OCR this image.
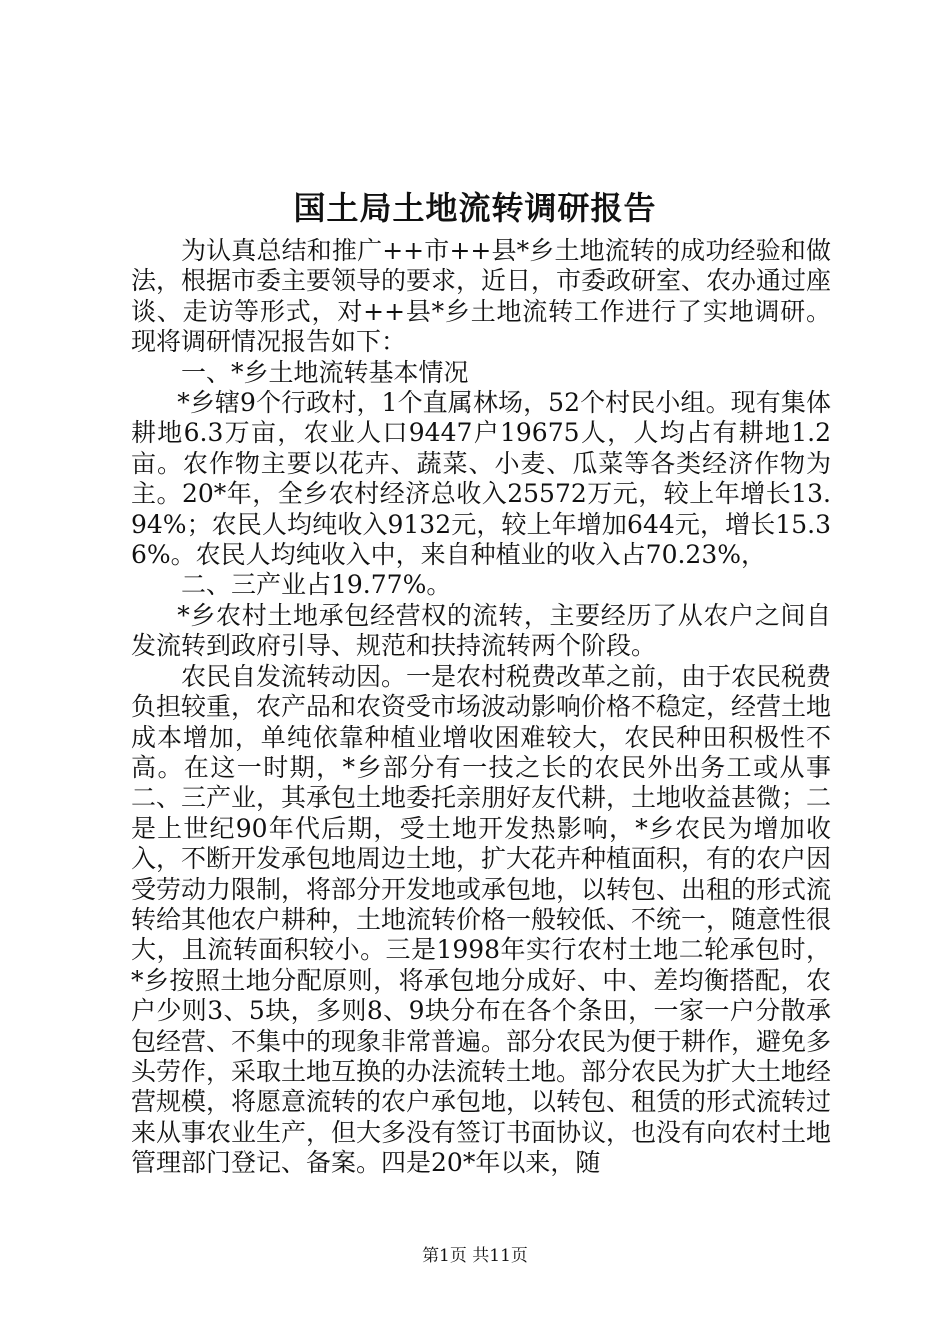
国土局土地流转调研报告

为认真总结和推广++市++县*乡土地流转的成功经验和做法，根据市委主要领导的要求，近日，市委政研室、农办通过座谈、走访等形式，对++县*乡土地流转工作进行了实地调研。现将调研情况报告如下：

一、*乡土地流转基本情况

*乡辖9个行政村，1个直属林场，52个村民小组。现有集体耕地6.3万亩，农业人口9447户19675人，人均占有耕地1.2亩。农作物主要以花卉、蔬菜、小麦、瓜菜等各类经济作物为主。20*年，全乡农村经济总收入25572万元，较上年增长13.94%；农民人均纯收入9132元，较上年增加644元，增长15.36%。农民人均纯收入中，来自种植业的收入占70.23%，

二、三产业占19.77%。

*乡农村土地承包经营权的流转，主要经历了从农户之间自发流转到政府引导、规范和扶持流转两个阶段。

农民自发流转动因。一是农村税费改革之前，由于农民税费负担较重，农产品和农资受市场波动影响价格不稳定，经营土地成本增加，单纯依靠种植业增收困难较大，农民种田积极性不高。在这一时期，*乡部分有一技之长的农民外出务工或从事二、三产业，其承包土地委托亲朋好友代耕，土地收益甚微；二是上世纪90年代后期，受土地开发热影响，*乡农民为增加收入，不断开发承包地周边土地，扩大花卉种植面积，有的农户因受劳动力限制，将部分开发地或承包地，以转包、出租的形式流转给其他农户耕种，土地流转价格一般较低、不统一，随意性很大，且流转面积较小。三是1998年实行农村土地二轮承包时，*乡按照土地分配原则，将承包地分成好、中、差均衡搭配，农户少则3、5块，多则8、9块分布在各个条田，一家一户分散承包经营、不集中的现象非常普遍。部分农民为便于耕作，避免多头劳作，采取土地互换的办法流转土地。部分农民为扩大土地经营规模，将愿意流转的农户承包地，以转包、租赁的形式流转过来从事农业生产，但大多没有签订书面协议，也没有向农村土地管理部门登记、备案。四是20*年以来，随

第1页 共11页
